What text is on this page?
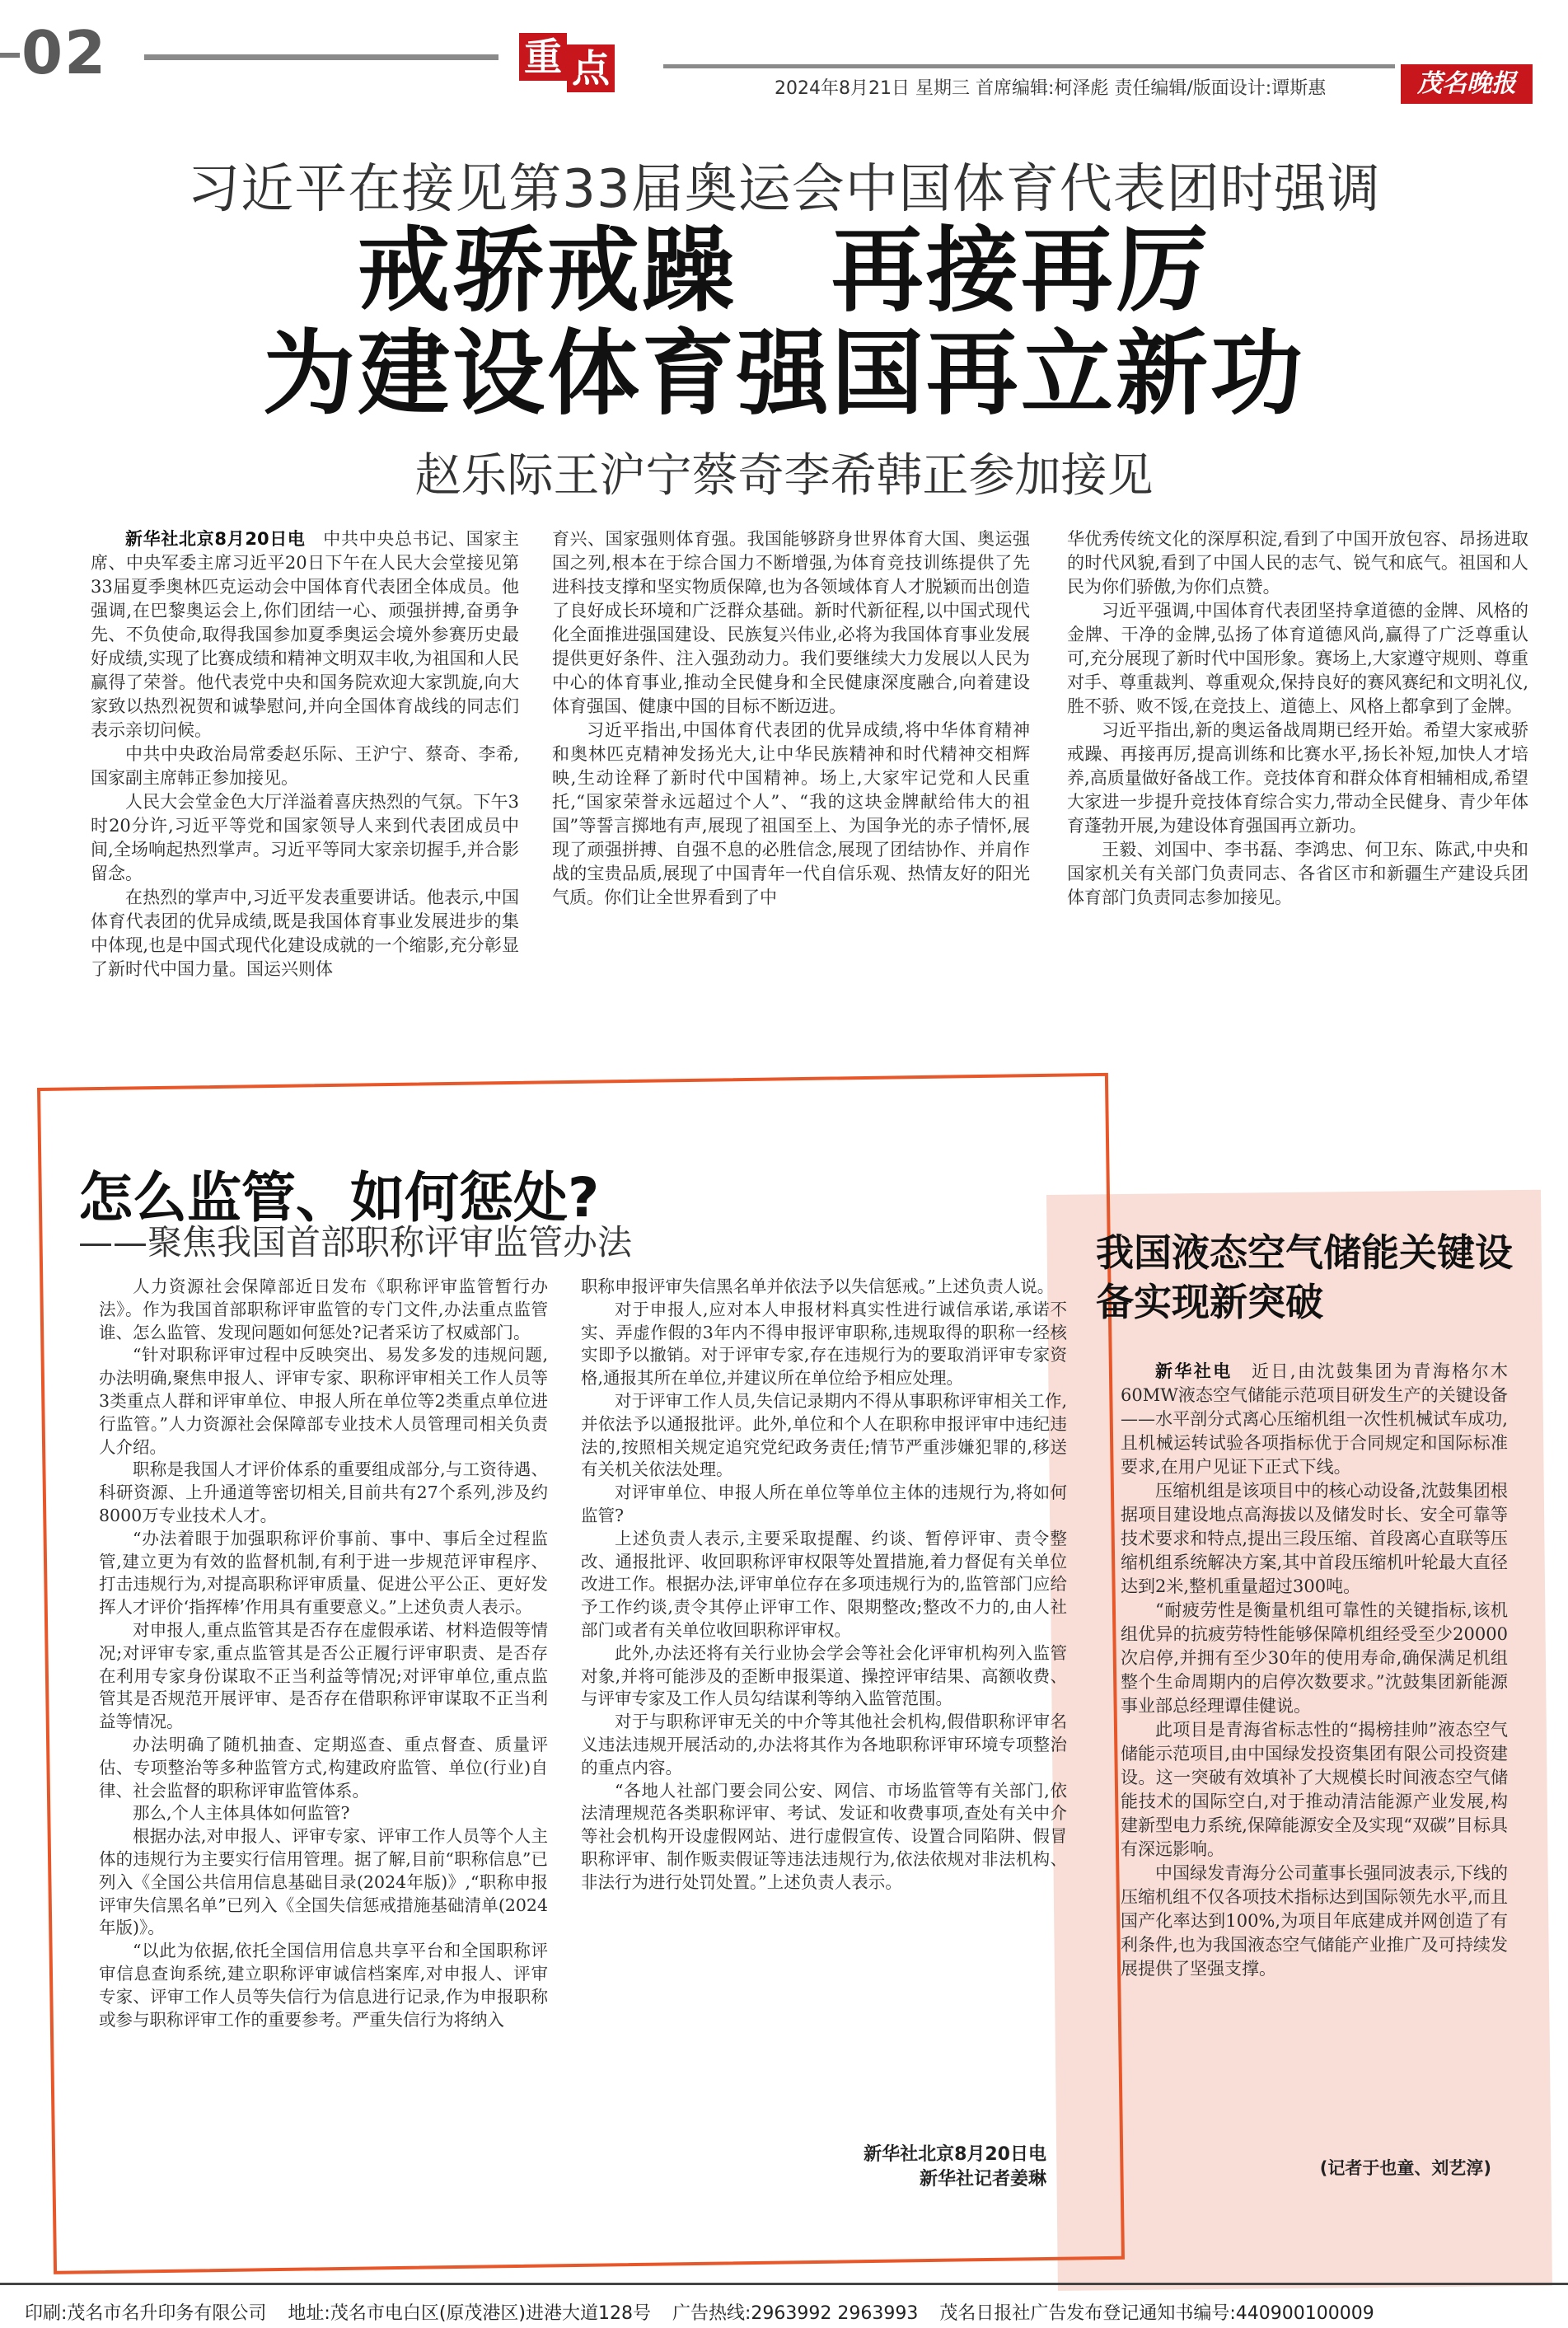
02	重 点	2024年8月21日 星期三 首席编辑:柯泽彪 责任编辑/版面设计:谭斯惠	茂名晚报
习近平在接见第33届奥运会中国体育代表团时强调
戒骄戒躁　再接再厉
为建设体育强国再立新功
赵乐际王沪宁蔡奇李希韩正参加接见

新华社北京8月20日电　 中共中央总书记、国家主席、中央军委主席习近平20日下午在人民大会堂接见第33届夏季奥林匹克运动会中国体育代表团全体成员。他强调,在巴黎奥运会上,你们团结一心、顽强拼搏,奋勇争先、不负使命,取得我国参加夏季奥运会境外参赛历史最好成绩,实现了比赛成绩和精神文明双丰收,为祖国和人民赢得了荣誉。他代表党中央和国务院欢迎大家凯旋,向大家致以热烈祝贺和诚挚慰问,并向全国体育战线的同志们表示亲切问候。

中共中央政治局常委赵乐际、王沪宁、蔡奇、李希,国家副主席韩正参加接见。

人民大会堂金色大厅洋溢着喜庆热烈的气氛。下午3时20分许,习近平等党和国家领导人来到代表团成员中间,全场响起热烈掌声。习近平等同大家亲切握手,并合影留念。

在热烈的掌声中,习近平发表重要讲话。他表示,中国体育代表团的优异成绩,既是我国体育事业发展进步的集中体现,也是中国式现代化建设成就的一个缩影,充分彰显了新时代中国力量。国运兴则体

育兴、国家强则体育强。我国能够跻身世界体育大国、奥运强国之列,根本在于综合国力不断增强,为体育竞技训练提供了先进科技支撑和坚实物质保障,也为各领域体育人才脱颖而出创造了良好成长环境和广泛群众基础。新时代新征程,以中国式现代化全面推进强国建设、民族复兴伟业,必将为我国体育事业发展提供更好条件、注入强劲动力。我们要继续大力发展以人民为中心的体育事业,推动全民健身和全民健康深度融合,向着建设体育强国、健康中国的目标不断迈进。

习近平指出,中国体育代表团的优异成绩,将中华体育精神和奥林匹克精神发扬光大,让中华民族精神和时代精神交相辉映,生动诠释了新时代中国精神。场上,大家牢记党和人民重托,“国家荣誉永远超过个人”、“我的这块金牌献给伟大的祖国”等誓言掷地有声,展现了祖国至上、为国争光的赤子情怀,展现了顽强拼搏、自强不息的必胜信念,展现了团结协作、并肩作战的宝贵品质,展现了中国青年一代自信乐观、热情友好的阳光气质。你们让全世界看到了中

华优秀传统文化的深厚积淀,看到了中国开放包容、昂扬进取的时代风貌,看到了中国人民的志气、锐气和底气。祖国和人民为你们骄傲,为你们点赞。

习近平强调,中国体育代表团坚持拿道德的金牌、风格的金牌、干净的金牌,弘扬了体育道德风尚,赢得了广泛尊重认可,充分展现了新时代中国形象。赛场上,大家遵守规则、尊重对手、尊重裁判、尊重观众,保持良好的赛风赛纪和文明礼仪,胜不骄、败不馁,在竞技上、道德上、风格上都拿到了金牌。

习近平指出,新的奥运备战周期已经开始。希望大家戒骄戒躁、再接再厉,提高训练和比赛水平,扬长补短,加快人才培养,高质量做好备战工作。竞技体育和群众体育相辅相成,希望大家进一步提升竞技体育综合实力,带动全民健身、青少年体育蓬勃开展,为建设体育强国再立新功。

王毅、刘国中、李书磊、李鸿忠、何卫东、陈武,中央和国家机关有关部门负责同志、各省区市和新疆生产建设兵团体育部门负责同志参加接见。

怎么监管、如何惩处?
——聚焦我国首部职称评审监管办法

人力资源社会保障部近日发布《职称评审监管暂行办法》。作为我国首部职称评审监管的专门文件,办法重点监管谁、怎么监管、发现问题如何惩处?记者采访了权威部门。

“针对职称评审过程中反映突出、易发多发的违规问题,办法明确,聚焦申报人、评审专家、职称评审相关工作人员等3类重点人群和评审单位、申报人所在单位等2类重点单位进行监管。”人力资源社会保障部专业技术人员管理司相关负责人介绍。

职称是我国人才评价体系的重要组成部分,与工资待遇、科研资源、上升通道等密切相关,目前共有27个系列,涉及约8000万专业技术人才。

“办法着眼于加强职称评价事前、事中、事后全过程监管,建立更为有效的监督机制,有利于进一步规范评审程序、打击违规行为,对提高职称评审质量、促进公平公正、更好发挥人才评价‘指挥棒’作用具有重要意义。”上述负责人表示。

对申报人,重点监管其是否存在虚假承诺、材料造假等情况;对评审专家,重点监管其是否公正履行评审职责、是否存在利用专家身份谋取不正当利益等情况;对评审单位,重点监管其是否规范开展评审、是否存在借职称评审谋取不正当利益等情况。

办法明确了随机抽查、定期巡查、重点督查、质量评估、专项整治等多种监管方式,构建政府监管、单位(行业)自律、社会监督的职称评审监管体系。

那么,个人主体具体如何监管?

根据办法,对申报人、评审专家、评审工作人员等个人主体的违规行为主要实行信用管理。据了解,目前“职称信息”已列入《全国公共信用信息基础目录(2024年版)》,“职称申报评审失信黑名单”已列入《全国失信惩戒措施基础清单(2024年版)》。

“以此为依据,依托全国信用信息共享平台和全国职称评审信息查询系统,建立职称评审诚信档案库,对申报人、评审专家、评审工作人员等失信行为信息进行记录,作为申报职称或参与职称评审工作的重要参考。严重失信行为将纳入

职称申报评审失信黑名单并依法予以失信惩戒。”上述负责人说。

对于申报人,应对本人申报材料真实性进行诚信承诺,承诺不实、弄虚作假的3年内不得申报评审职称,违规取得的职称一经核实即予以撤销。对于评审专家,存在违规行为的要取消评审专家资格,通报其所在单位,并建议所在单位给予相应处理。

对于评审工作人员,失信记录期内不得从事职称评审相关工作,并依法予以通报批评。此外,单位和个人在职称申报评审中违纪违法的,按照相关规定追究党纪政务责任;情节严重涉嫌犯罪的,移送有关机关依法处理。

对评审单位、申报人所在单位等单位主体的违规行为,将如何监管?

上述负责人表示,主要采取提醒、约谈、暂停评审、责令整改、通报批评、收回职称评审权限等处置措施,着力督促有关单位改进工作。根据办法,评审单位存在多项违规行为的,监管部门应给予工作约谈,责令其停止评审工作、限期整改;整改不力的,由人社部门或者有关单位收回职称评审权。

此外,办法还将有关行业协会学会等社会化评审机构列入监管对象,并将可能涉及的歪断申报渠道、操控评审结果、高额收费、与评审专家及工作人员勾结谋利等纳入监管范围。

对于与职称评审无关的中介等其他社会机构,假借职称评审名义违法违规开展活动的,办法将其作为各地职称评审环境专项整治的重点内容。

“各地人社部门要会同公安、网信、市场监管等有关部门,依法清理规范各类职称评审、考试、发证和收费事项,查处有关中介等社会机构开设虚假网站、进行虚假宣传、设置合同陷阱、假冒职称评审、制作贩卖假证等违法违规行为,依法依规对非法机构、非法行为进行处罚处置。”上述负责人表示。

新华社北京8月20日电
新华社记者姜琳
我国液态空气储能关键设备实现新突破

新华社电　 近日,由沈鼓集团为青海格尔木60MW液态空气储能示范项目研发生产的关键设备——水平剖分式离心压缩机组一次性机械试车成功,且机械运转试验各项指标优于合同规定和国际标准要求,在用户见证下正式下线。

压缩机组是该项目中的核心动设备,沈鼓集团根据项目建设地点高海拔以及储发时长、安全可靠等技术要求和特点,提出三段压缩、首段离心直联等压缩机组系统解决方案,其中首段压缩机叶轮最大直径达到2米,整机重量超过300吨。

“耐疲劳性是衡量机组可靠性的关键指标,该机组优异的抗疲劳特性能够保障机组经受至少20000次启停,并拥有至少30年的使用寿命,确保满足机组整个生命周期内的启停次数要求。”沈鼓集团新能源事业部总经理谭佳健说。

此项目是青海省标志性的“揭榜挂帅”液态空气储能示范项目,由中国绿发投资集团有限公司投资建设。这一突破有效填补了大规模长时间液态空气储能技术的国际空白,对于推动清洁能源产业发展,构建新型电力系统,保障能源安全及实现“双碳”目标具有深远影响。

中国绿发青海分公司董事长强同波表示,下线的压缩机组不仅各项技术指标达到国际领先水平,而且国产化率达到100%,为项目年底建成并网创造了有利条件,也为我国液态空气储能产业推广及可持续发展提供了坚强支撑。

(记者于也童、刘艺淳)
印刷:茂名市名升印务有限公司 地址:茂名市电白区(原茂港区)进港大道128号 广告热线:2963992 2963993 茂名日报社广告发布登记通知书编号:440900100009
